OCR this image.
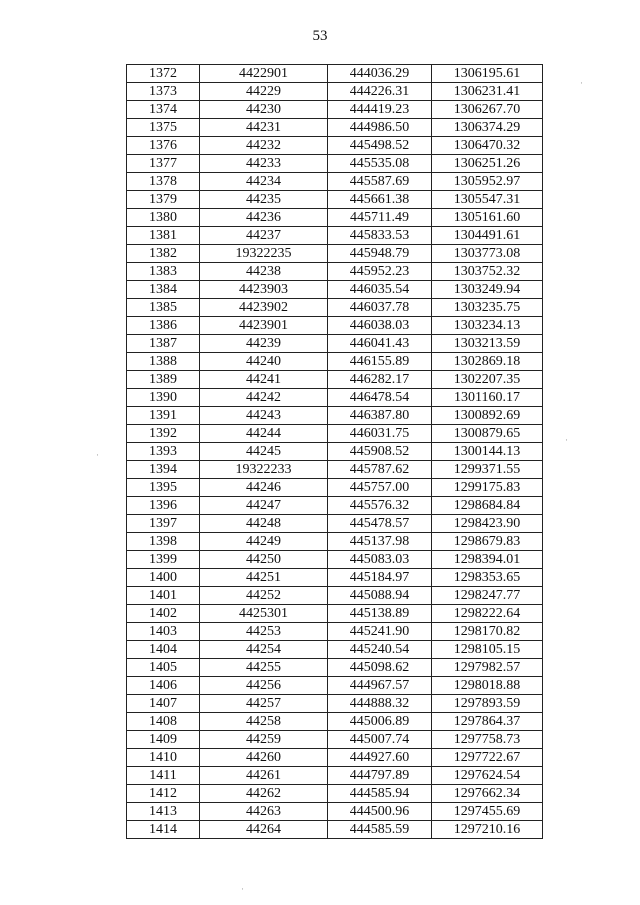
53
1372	4422901	444036.29	1306195.61
1373	44229	444226.31	1306231.41
1374	44230	444419.23	1306267.70
1375	44231	444986.50	1306374.29
1376	44232	445498.52	1306470.32
1377	44233	445535.08	1306251.26
1378	44234	445587.69	1305952.97
1379	44235	445661.38	1305547.31
1380	44236	445711.49	1305161.60
1381	44237	445833.53	1304491.61
1382	19322235	445948.79	1303773.08
1383	44238	445952.23	1303752.32
1384	4423903	446035.54	1303249.94
1385	4423902	446037.78	1303235.75
1386	4423901	446038.03	1303234.13
1387	44239	446041.43	1303213.59
1388	44240	446155.89	1302869.18
1389	44241	446282.17	1302207.35
1390	44242	446478.54	1301160.17
1391	44243	446387.80	1300892.69
1392	44244	446031.75	1300879.65
1393	44245	445908.52	1300144.13
1394	19322233	445787.62	1299371.55
1395	44246	445757.00	1299175.83
1396	44247	445576.32	1298684.84
1397	44248	445478.57	1298423.90
1398	44249	445137.98	1298679.83
1399	44250	445083.03	1298394.01
1400	44251	445184.97	1298353.65
1401	44252	445088.94	1298247.77
1402	4425301	445138.89	1298222.64
1403	44253	445241.90	1298170.82
1404	44254	445240.54	1298105.15
1405	44255	445098.62	1297982.57
1406	44256	444967.57	1298018.88
1407	44257	444888.32	1297893.59
1408	44258	445006.89	1297864.37
1409	44259	445007.74	1297758.73
1410	44260	444927.60	1297722.67
1411	44261	444797.89	1297624.54
1412	44262	444585.94	1297662.34
1413	44263	444500.96	1297455.69
1414	44264	444585.59	1297210.16
·
·
·
·
